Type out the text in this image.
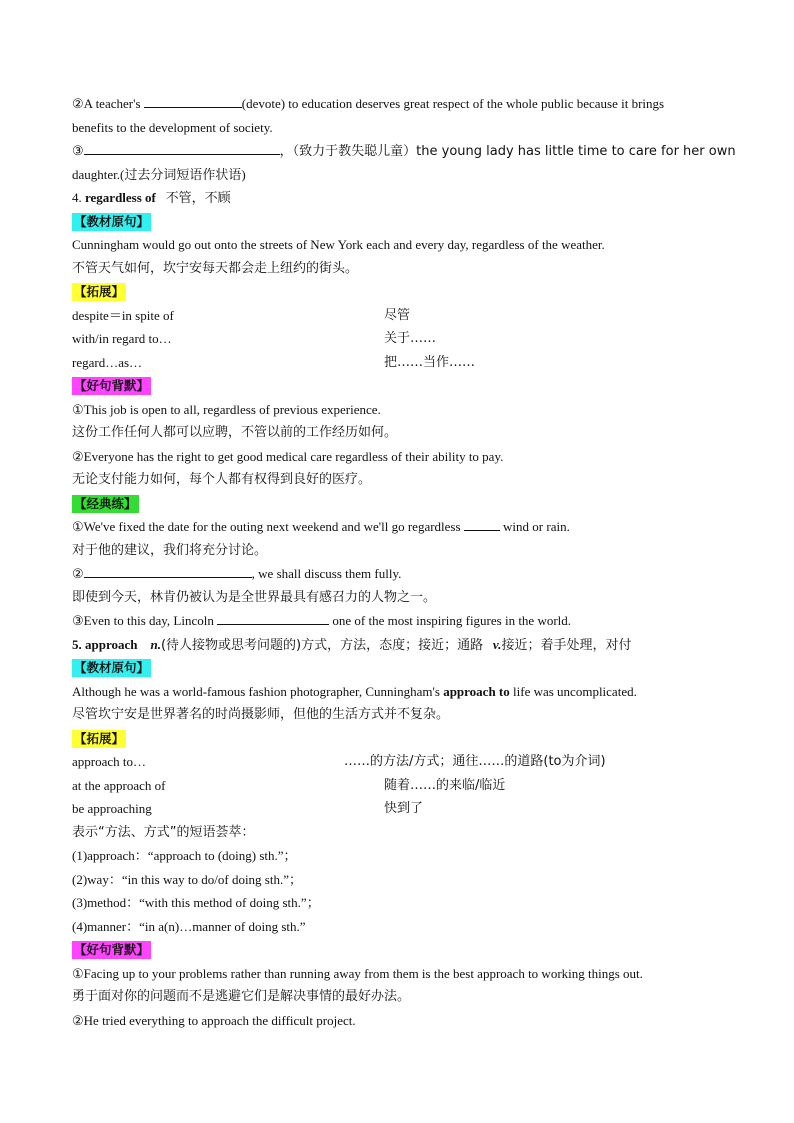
②A teacher's	(devote) to education deserves great respect of the whole public because it brings
benefits to the development of society.
③	，（致力于教失聪儿童）the young lady has little time to care for her own
daughter.(过去分词短语作状语)
4. regardless of 不管，不顾
【教材原句】
Cunningham would go out onto the streets of New York each and every day, regardless of the weather.
不管天气如何，坎宁安每天都会走上纽约的街头。
【拓展】
despite＝in spite of	尽管
with/in regard to…	关于……
regard…as…	把……当作……
【好句背默】
①This job is open to all, regardless of previous experience.
这份工作任何人都可以应聘，不管以前的工作经历如何。
②Everyone has the right to get good medical care regardless of their ability to pay.
无论支付能力如何，每个人都有权得到良好的医疗。
【经典练】
①We've fixed the date for the outing next weekend and we'll go regardless	wind or rain.
对于他的建议，我们将充分讨论。
②	, we shall discuss them fully.
即使到今天，林肯仍被认为是全世界最具有感召力的人物之一。
③Even to this day, Lincoln	one of the most inspiring figures in the world.
5. approach n.(待人接物或思考问题的)方式，方法，态度；接近；通路 v.接近；着手处理，对付
【教材原句】
Although he was a world-famous fashion photographer, Cunningham's approach to life was uncomplicated.
尽管坎宁安是世界著名的时尚摄影师，但他的生活方式并不复杂。
【拓展】
approach to…	……的方法/方式；通往……的道路(to为介词)
at the approach of	随着……的来临/临近
be approaching	快到了
表示“方法、方式”的短语荟萃：
(1)approach：“approach to (doing) sth.”；
(2)way：“in this way to do/of doing sth.”；
(3)method：“with this method of doing sth.”；
(4)manner：“in a(n)…manner of doing sth.”
【好句背默】
①Facing up to your problems rather than running away from them is the best approach to working things out.
勇于面对你的问题而不是逃避它们是解决事情的最好办法。
②He tried everything to approach the difficult project.
